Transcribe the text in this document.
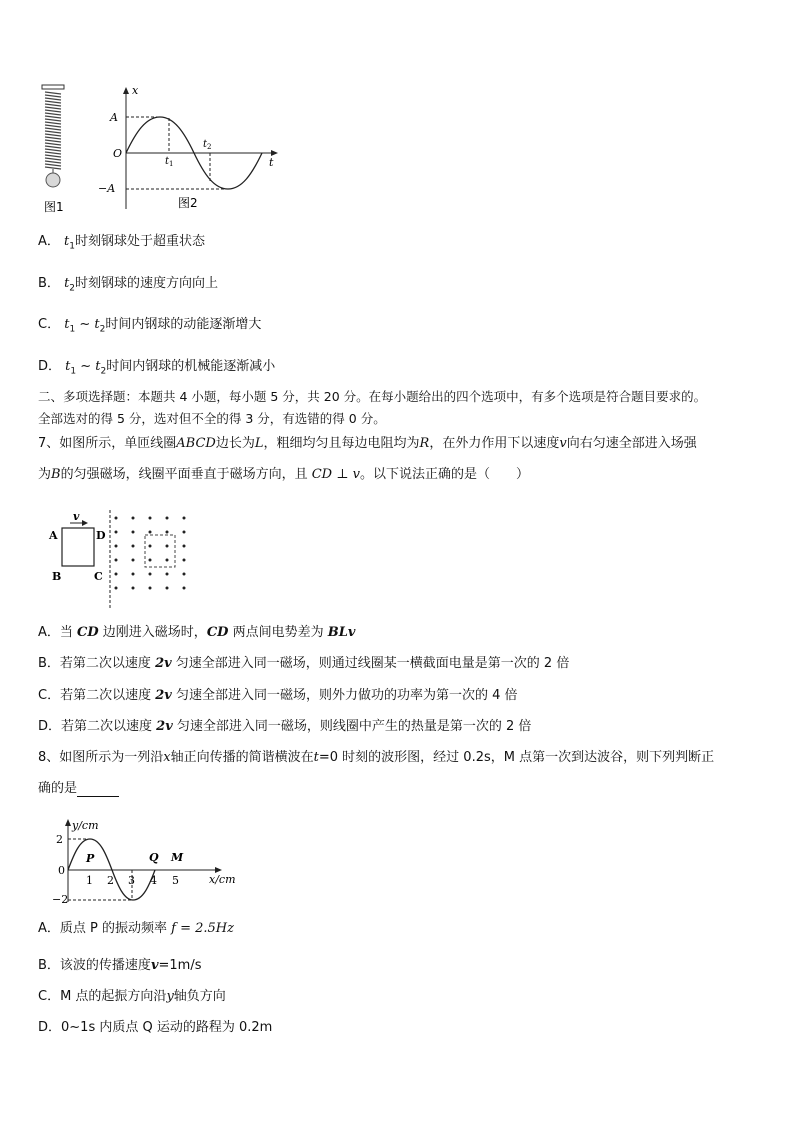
图1
x
t
A
−A
O
$t_1$
$t_2$
图2
A． $t_1$时刻钢球处于超重状态
B． $t_2$时刻钢球的速度方向向上
C． $t_1$ ~ $t_2$时间内钢球的动能逐渐增大
D． $t_1$ ~ $t_2$时间内钢球的机械能逐渐减小
二、多项选择题：本题共 4 小题，每小题 5 分，共 20 分。在每小题给出的四个选项中，有多个选项是符合题目要求的。
全部选对的得 5 分，选对但不全的得 3 分，有选错的得 0 分。
7、如图所示，单匝线圈ABCD边长为L，粗细均匀且每边电阻均为R，在外力作用下以速度v向右匀速全部进入场强
为B的匀强磁场，线圈平面垂直于磁场方向，且 CD ⊥ v。以下说法正确的是（　　）
v
A	D
B	C
A．当 CD 边刚进入磁场时，CD 两点间电势差为 BLv
B．若第二次以速度 2v 匀速全部进入同一磁场，则通过线圈某一横截面电量是第一次的 2 倍
C．若第二次以速度 2v 匀速全部进入同一磁场，则外力做功的功率为第一次的 4 倍
D．若第二次以速度 2v 匀速全部进入同一磁场，则线圈中产生的热量是第一次的 2 倍
8、如图所示为一列沿x轴正向传播的简谐横波在t=0 时刻的波形图，经过 0.2s，M 点第一次到达波谷，则下列判断正
确的是
y/cm
x/cm
2
0
−2
1 2 3 4 5
P	Q M
A．质点 P 的振动频率 f = 2.5Hz
B．该波的传播速度v=1m/s
C．M 点的起振方向沿y轴负方向
D．0~1s 内质点 Q 运动的路程为 0.2m
